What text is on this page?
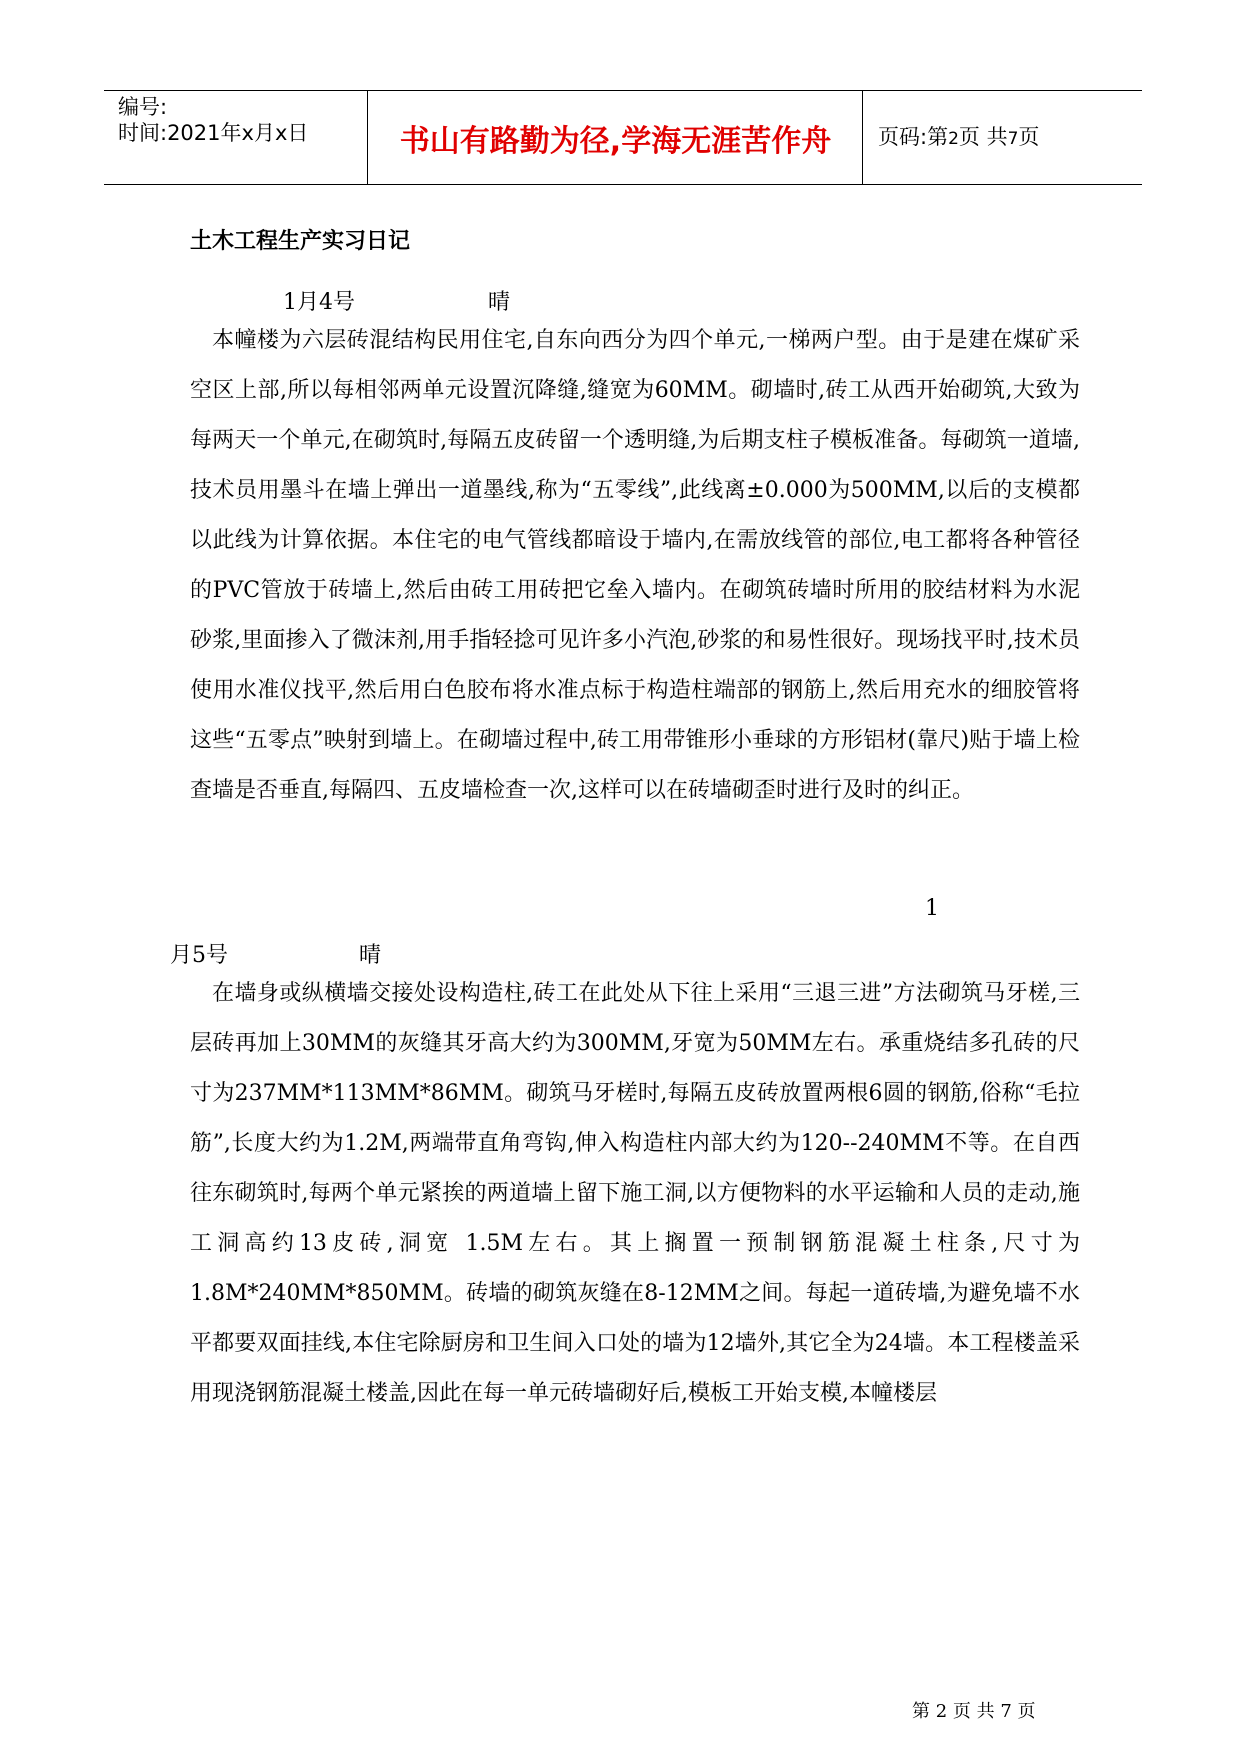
编号:
时间:2021年x月x日	书山有路勤为径,学海无涯苦作舟	页码:第2页 共7页
土木工程生产实习日记
1月4号	晴
本幢楼为六层砖混结构民用住宅,自东向西分为四个单元,一梯两户型。由于是建在煤矿采空区上部,所以每相邻两单元设置沉降缝,缝宽为60MM。砌墙时,砖工从西开始砌筑,大致为每两天一个单元,在砌筑时,每隔五皮砖留一个透明缝,为后期支柱子模板准备。每砌筑一道墙,技术员用墨斗在墙上弹出一道墨线,称为“五零线”,此线离±0.000为500MM,以后的支模都以此线为计算依据。本住宅的电气管线都暗设于墙内,在需放线管的部位,电工都将各种管径的PVC管放于砖墙上,然后由砖工用砖把它垒入墙内。在砌筑砖墙时所用的胶结材料为水泥砂浆,里面掺入了微沫剂,用手指轻捻可见许多小汽泡,砂浆的和易性很好。现场找平时,技术员使用水准仪找平,然后用白色胶布将水准点标于构造柱端部的钢筋上,然后用充水的细胶管将这些“五零点”映射到墙上。在砌墙过程中,砖工用带锥形小垂球的方形铝材(靠尺)贴于墙上检查墙是否垂直,每隔四、五皮墙检查一次,这样可以在砖墙砌歪时进行及时的纠正。
1
月5号	晴
在墙身或纵横墙交接处设构造柱,砖工在此处从下往上采用“三退三进”方法砌筑马牙槎,三层砖再加上30MM的灰缝其牙高大约为300MM,牙宽为50MM左右。承重烧结多孔砖的尺寸为237MM*113MM*86MM。砌筑马牙槎时,每隔五皮砖放置两根6圆的钢筋,俗称“毛拉筋”,长度大约为1.2M,两端带直角弯钩,伸入构造柱内部大约为120--240MM不等。在自西往东砌筑时,每两个单元紧挨的两道墙上留下施工洞,以方便物料的水平运输和人员的走动,施工洞高约13皮砖,洞宽 1.5M左右。其上搁置一预制钢筋混凝土柱条,尺寸为1.8M*240MM*850MM。砖墙的砌筑灰缝在8-12MM之间。每起一道砖墙,为避免墙不水平都要双面挂线,本住宅除厨房和卫生间入口处的墙为12墙外,其它全为24墙。本工程楼盖采用现浇钢筋混凝土楼盖,因此在每一单元砖墙砌好后,模板工开始支模,本幢楼层
第 2 页 共 7 页
